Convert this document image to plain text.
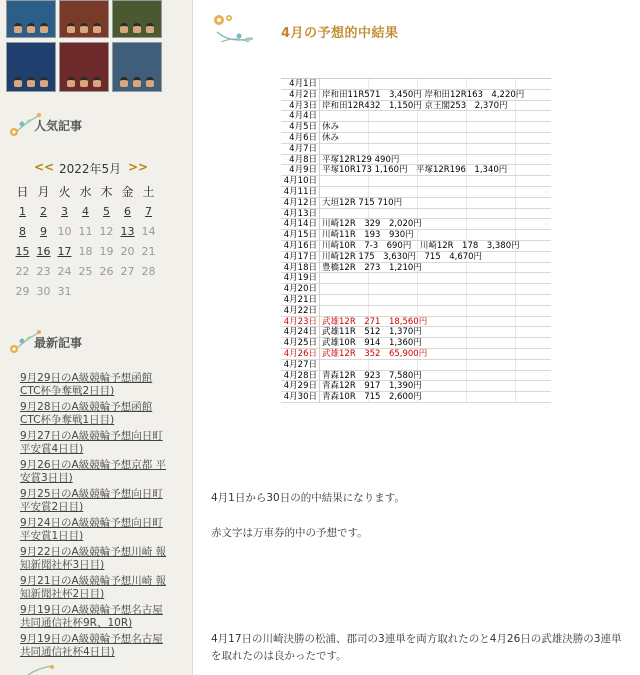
人気記事
<< 2022年5月 >>
日	月	火	水	木	金	土
1	2	3	4	5	6	7
8	9	10	11	12	13	14
15	16	17	18	19	20	21
22	23	24	25	26	27	28
29	30	31				
最新記事
9月29日のA級競輪予想函館 CTC杯争奪戦2日目)
9月28日のA級競輪予想函館 CTC杯争奪戦1日目)
9月27日のA級競輪予想向日町 平安賞4日目)
9月26日のA級競輪予想京都 平安賞3日目)
9月25日のA級競輪予想向日町 平安賞2日目)
9月24日のA級競輪予想向日町 平安賞1日目)
9月22日のA級競輪予想川崎 報知新聞社杯3日目)
9月21日のA級競輪予想川崎 報知新聞社杯2日目)
9月19日のA級競輪予想名古屋 共同通信社杯9R、10R)
9月19日のA級競輪予想名古屋 共同通信社杯4日目)
4月の予想的中結果
4月1日
4月2日 岸和田11R571　3,450円 岸和田12R163　4,220円
4月3日 岸和田12R432　1,150円 京王閣253　2,370円
4月4日
4月5日 休み
4月6日 休み
4月7日
4月8日 平塚12R129 490円
4月9日 平塚10R173 1,160円　平塚12R196　1,340円
4月10日
4月11日
4月12日 大垣12R 715 710円
4月13日
4月14日 川崎12R　329　2,020円
4月15日 川崎11R　193　930円
4月16日 川崎10R　7-3　690円　川崎12R　178　3,380円
4月17日 川崎12R 175　3,630円　715　4,670円
4月18日 豊橋12R　273　1,210円
4月19日
4月20日
4月21日
4月22日
4月23日 武雄12R　271　18,560円
4月24日 武雄11R　512　1,370円
4月25日 武雄10R　914　1,360円
4月26日 武雄12R　352　65,900円
4月27日
4月28日 青森12R　923　7,580円
4月29日 青森12R　917　1,390円
4月30日 青森10R　715　2,600円

4月1日から30日の的中結果になります。

赤文字は万車券的中の予想です。

4月17日の川崎決勝の松浦、郡司の3連単を両方取れたのと4月26日の武雄決勝の3連単を取れたのは良かったです。
